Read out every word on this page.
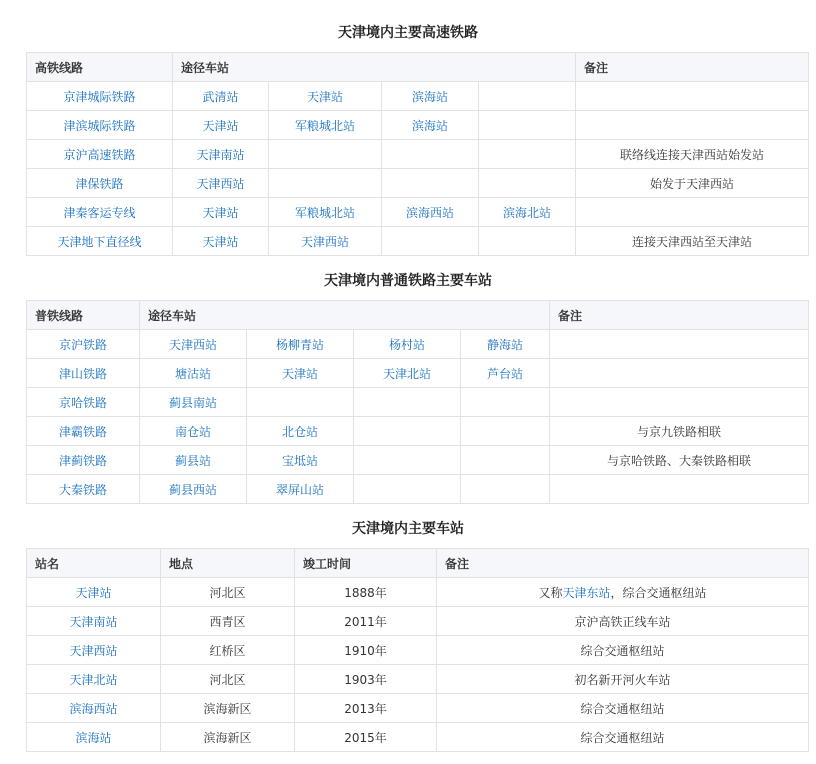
天津境内主要高速铁路
高铁线路	途径车站				备注
京津城际铁路	武清站	天津站	滨海站		
津滨城际铁路	天津站	军粮城北站	滨海站		
京沪高速铁路	天津南站				联络线连接天津西站始发站
津保铁路	天津西站				始发于天津西站
津秦客运专线	天津站	军粮城北站	滨海西站	滨海北站	
天津地下直径线	天津站	天津西站			连接天津西站至天津站
天津境内普通铁路主要车站
普铁线路	途径车站				备注
京沪铁路	天津西站	杨柳青站	杨村站	静海站	
津山铁路	塘沽站	天津站	天津北站	芦台站	
京哈铁路	蓟县南站				
津霸铁路	南仓站	北仓站			与京九铁路相联
津蓟铁路	蓟县站	宝坻站			与京哈铁路、大秦铁路相联
大秦铁路	蓟县西站	翠屏山站			
天津境内主要车站
站名	地点	竣工时间	备注
天津站	河北区	1888年	又称天津东站，综合交通枢纽站
天津南站	西青区	2011年	京沪高铁正线车站
天津西站	红桥区	1910年	综合交通枢纽站
天津北站	河北区	1903年	初名新开河火车站
滨海西站	滨海新区	2013年	综合交通枢纽站
滨海站	滨海新区	2015年	综合交通枢纽站
